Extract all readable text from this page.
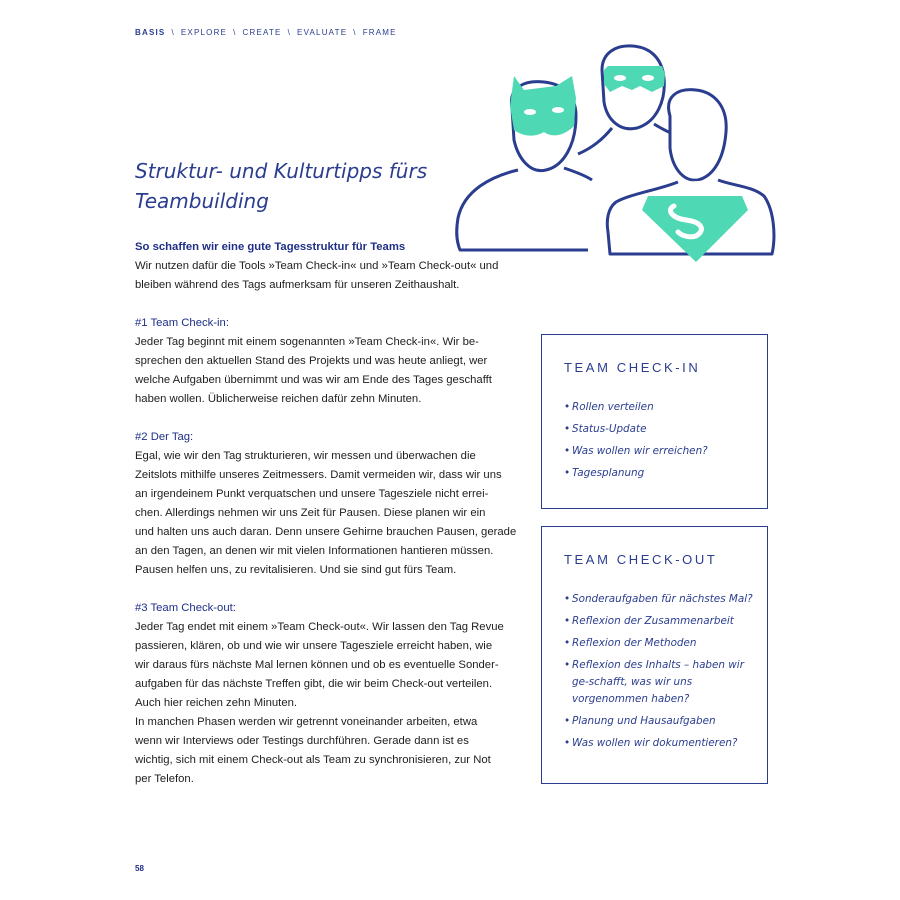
BASIS \ EXPLORE \ CREATE \ EVALUATE \ FRAME
Struktur- und Kulturtipps fürs
Teambuilding
So schaffen wir eine gute Tagesstruktur für Teams

Wir nutzen dafür die Tools »Team Check-in« und »Team Check-out« und

bleiben während des Tags aufmerksam für unseren Zeithaushalt.

#1 Team Check-in:

Jeder Tag beginnt mit einem sogenannten »Team Check-in«. Wir be-

sprechen den aktuellen Stand des Projekts und was heute anliegt, wer

welche Aufgaben übernimmt und was wir am Ende des Tages geschafft

haben wollen. Üblicherweise reichen dafür zehn Minuten.

#2 Der Tag:

Egal, wie wir den Tag strukturieren, wir messen und überwachen die

Zeitslots mithilfe unseres Zeitmessers. Damit vermeiden wir, dass wir uns

an irgendeinem Punkt verquatschen und unsere Tagesziele nicht errei-

chen. Allerdings nehmen wir uns Zeit für Pausen. Diese planen wir ein

und halten uns auch daran. Denn unsere Gehirne brauchen Pausen, gerade

an den Tagen, an denen wir mit vielen Informationen hantieren müssen.

Pausen helfen uns, zu revitalisieren. Und sie sind gut fürs Team.

#3 Team Check-out:

Jeder Tag endet mit einem »Team Check-out«. Wir lassen den Tag Revue

passieren, klären, ob und wie wir unsere Tagesziele erreicht haben, wie

wir daraus fürs nächste Mal lernen können und ob es eventuelle Sonder-

aufgaben für das nächste Treffen gibt, die wir beim Check-out verteilen.

Auch hier reichen zehn Minuten.

In manchen Phasen werden wir getrennt voneinander arbeiten, etwa

wenn wir Interviews oder Testings durchführen. Gerade dann ist es

wichtig, sich mit einem Check-out als Team zu synchronisieren, zur Not

per Telefon.

TEAM CHECK-IN
• Rollen verteilen
• Status-Update
• Was wollen wir erreichen?
• Tagesplanung
TEAM CHECK-OUT
• Sonderaufgaben für nächstes Mal?
• Reflexion der Zusammenarbeit
• Reflexion der Methoden
• Reflexion des Inhalts – haben wir ge-schafft, was wir uns vorgenommen haben?
• Planung und Hausaufgaben
• Was wollen wir dokumentieren?
58
